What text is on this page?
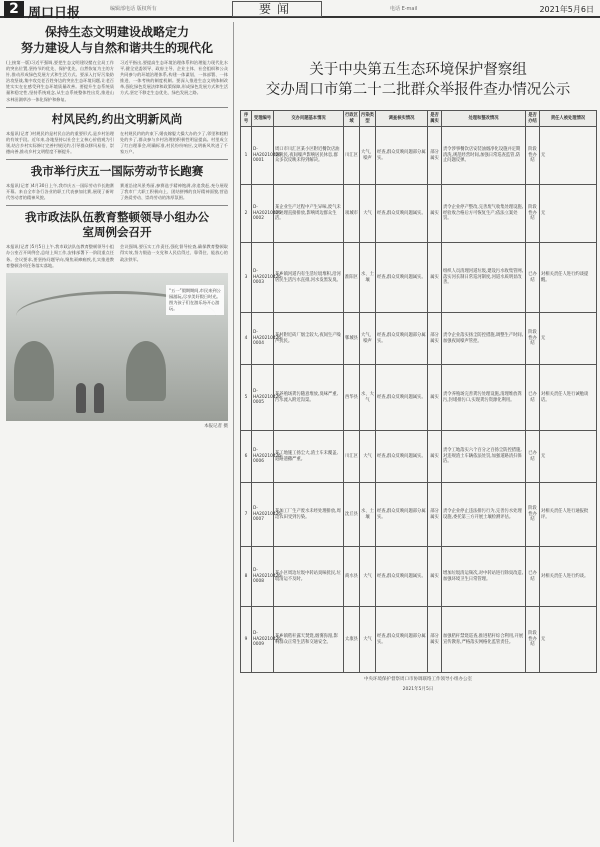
2 周口日报	编辑部电话 版权所有	要闻	电话 E-mail	2021年5月6日
保持生态文明建设战略定力
努力建设人与自然和谐共生的现代化

(上接第一版)习近平强调,要把生态文明建设摆在全局工作的突出位置,坚持节约优先、保护优先、自然恢复为主的方针,推动形成绿色发展方式和生活方式。要深入打好污染防治攻坚战,集中攻克老百姓身边的突出生态环境问题,让老百姓实实在在感受到生态环境质量改善。要提升生态系统质量和稳定性,坚持系统观念,从生态系统整体性出发,推进山水林田湖草沙一体化保护和修复。

习近平指出,要提高生态环境治理体系和治理能力现代化水平,健全党委领导、政府主导、企业主体、社会组织和公众共同参与的环境治理体系,构建一体谋划、一体部署、一体推进、一体考核的制度机制。要深入推进生态文明体制改革,强化绿色发展法律和政策保障,形成绿色发展方式和生活方式,坚定不移走生态优先、绿色发展之路。

村风民约,约出文明新风尚

本报讯(记者 )村规民约是村民自治的重要形式,是乡村治理的有效手段。近年来,各地坚持以社会主义核心价值观为引领,结合乡村实际修订完善村规民约,引导群众移风易俗、崇德向善,推动乡村文明程度不断提升。

在村规民约的约束下,婚丧嫁娶大操大办的少了,邻里和睦相处的多了,群众参与乡村治理的积极性明显提高。村里成立了红白理事会,明确标准,村民纷纷响应,文明新风吹进了千家万户。

我市举行庆五一国际劳动节长跑赛

本报讯(记者 )4月30日上午,我市庆五一国际劳动节长跑赛开幕。来自全市各行各业的职工代表参加比赛,展现了新时代劳动者的精神风貌。

赛道沿途风景秀丽,参赛选手精神饱满,你追我赶,充分展现了我市广大职工积极向上、团结拼搏的良好精神面貌,营造了热爱劳动、崇尚劳动的浓厚氛围。

我市政法队伍教育整顿领导小组办公
室周例会召开

本报讯(记者 )5月5日上午,我市政法队伍教育整顿领导小组办公室召开周例会,总结上周工作,安排部署下一阶段重点任务。会议要求,要坚持问题导向,聚焦顽瘴痼疾,扎实推进教育整顿各项任务落实落地。

会议强调,要压实工作责任,强化督导检查,确保教育整顿取得实效,努力锻造一支党和人民信得过、靠得住、能放心的政法铁军。

“五一”假期期间,市民来到公园游玩,尽享美好假日时光。图为孩子们在游乐场开心游玩。
本报记者 摄
关于中央第五生态环境保护督察组
交办周口市第二十二批群众举报件查办情况公示
序号	受理编号	交办问题基本情况	行政区域	污染类型	调查核实情况	是否属实	处理和整改情况	是否办结	责任人被处理情况

1	D-HA20210426-0001	周口市川汇区某小区附近餐饮店油烟扰民,夜间噪声影响居民休息,群众多次反映未得到解决。	川汇区	大气、噪声	经查,群众反映问题部分属实。	部分属实	责令涉事餐饮店安装油烟净化设施并定期清洗,规范经营时间,加强日常巡查监管,防止问题反弹。	阶段性办结	无

2	D-HA20210426-0002	某企业生产过程中产生异味,废气未经处理直接排放,影响周边群众生活。	项城市	大气	经查,群众反映问题属实。	属实	责令企业停产整改,完善废气收集处理设施,经验收合格后方可恢复生产;依法立案处罚。	阶段性办结	无

3	D-HA20210426-0003	某乡镇河道内有生活垃圾堆积,沿河居民生活污水直排,河水发黑发臭。	淮阳区	水、土壤	经查,群众反映问题属实。	属实	组织人员清理河道垃圾,建设污水收集管网,落实河长制日常巡河制度,河道水质明显改善。	已办结	对相关责任人进行约谈提醒。

4	D-HA20210426-0004	某村附近砖厂烟尘较大,夜间生产噪声扰民。	郸城县	大气、噪声	经查,群众反映问题部分属实。	部分属实	责令企业落实扬尘防控措施,调整生产时间,加强夜间噪声管控。	阶段性办结	无

5	D-HA20210426-0005	某养殖场粪污随意堆放,臭味严重,污水流入附近沟渠。	西华县	水、大气	经查,群众反映问题属实。	属实	责令养殖场完善粪污处理设施,清理堆放粪污,封堵排污口,实现粪污资源化利用。	已办结	对相关责任人进行诫勉谈话。

6	D-HA20210426-0006	某工地施工扬尘大,渣土车未覆盖,道路遗撒严重。	川汇区	大气	经查,群众反映问题属实。	属实	责令工地落实六个百分之百扬尘防控措施,对违规渣土车辆依法处罚,加强道路清扫保洁。	已办结	无

7	D-HA20210426-0007	某加工厂生产废水未经处理排放,周边农田受到污染。	沈丘县	水、土壤	经查,群众反映问题部分属实。	部分属实	责令企业停止违法排污行为,完善污水处理设施,委托第三方开展土壤检测评估。	阶段性办结	对相关责任人进行通报批评。

8	D-HA20210426-0008	某小区周边垃圾中转站臭味扰民,垃圾清运不及时。	商水县	大气	经查,群众反映问题属实。	属实	增加垃圾清运频次,对中转站进行除臭改造,加强环境卫生日常管理。	已办结	对相关责任人进行约谈。

9	D-HA20210426-0009	某乡镇秸秆露天焚烧,烟雾弥漫,影响群众正常生活和交通安全。	太康县	大气	经查,群众反映问题部分属实。	部分属实	加强秸秆禁烧巡查,推进秸秆综合利用,开展宣传教育,严格落实网格化监管责任。	阶段性办结	无
中央环境保护督察周口市协调联络工作领导小组办公室
2021年5月5日
